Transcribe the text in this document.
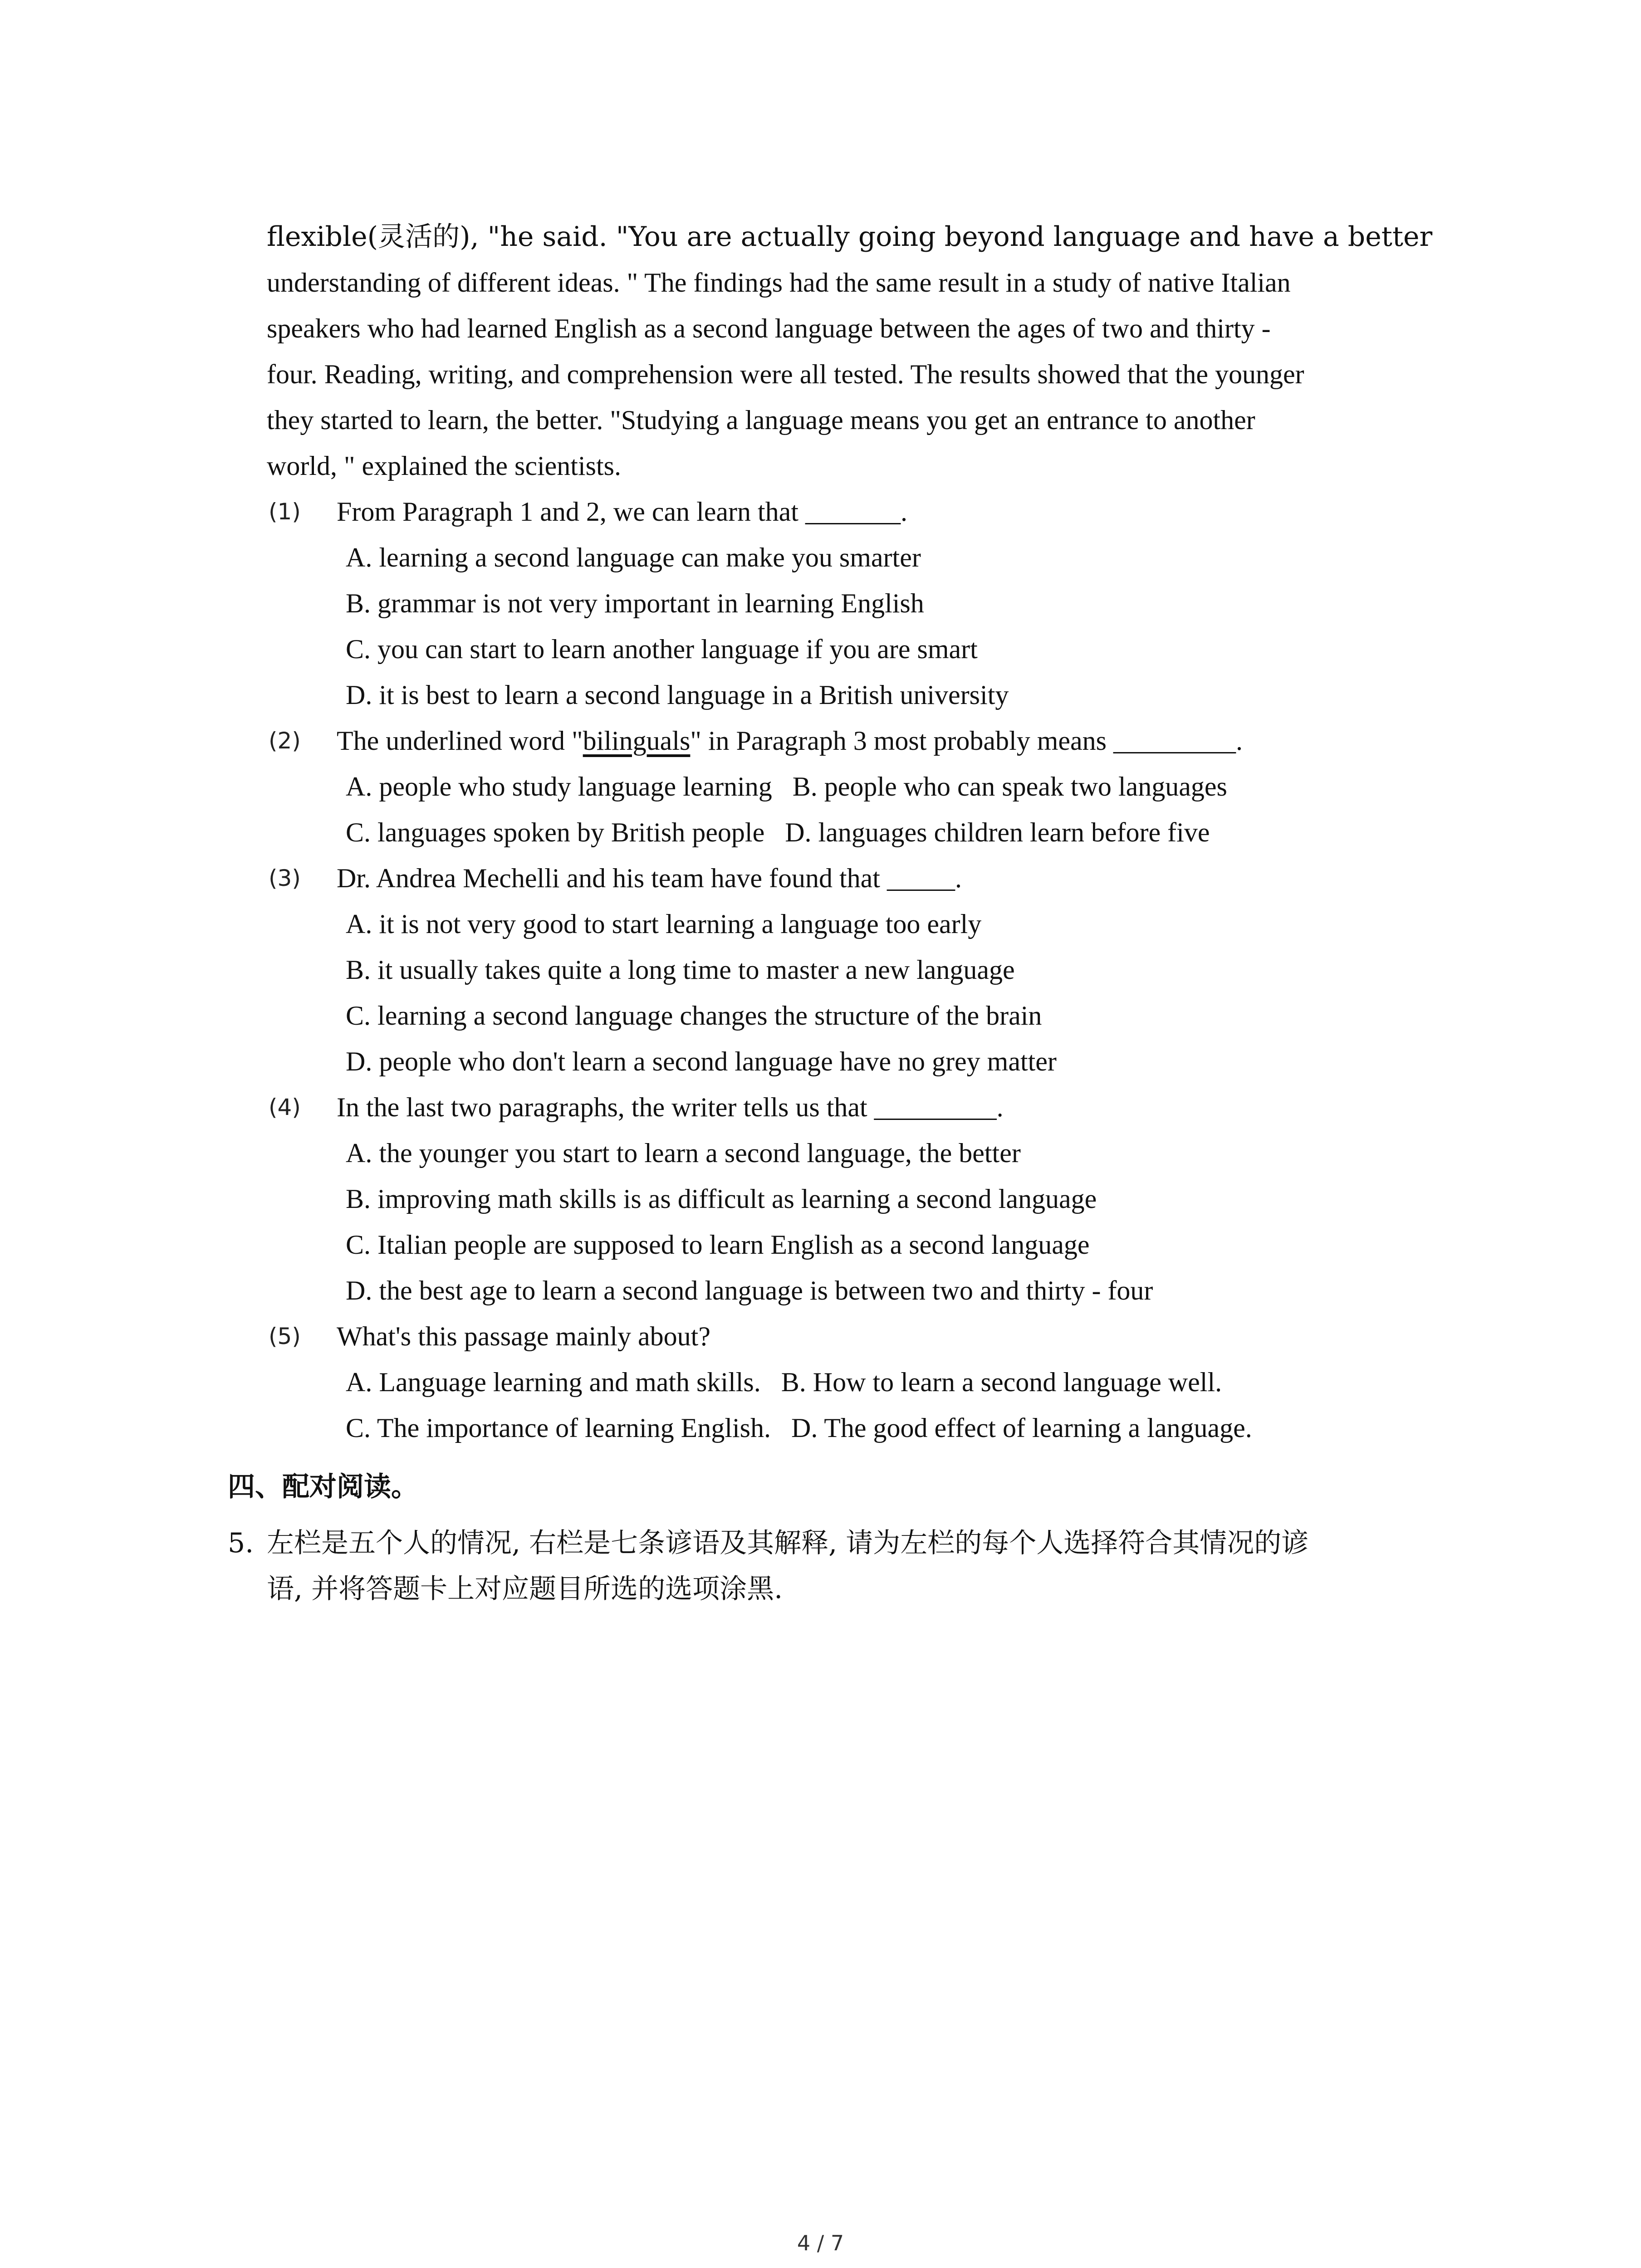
flexible(灵活的), "he said. "You are actually going beyond language and have a better
understanding of different ideas. " The findings had the same result in a study of native Italian
speakers who had learned English as a second language between the ages of two and thirty -
four. Reading, writing, and comprehension were all tested. The results showed that the younger
they started to learn, the better. "Studying a language means you get an entrance to another
world, " explained the scientists.
(1) From Paragraph 1 and 2, we can learn that _______.
A. learning a second language can make you smarter
B. grammar is not very important in learning English
C. you can start to learn another language if you are smart
D. it is best to learn a second language in a British university
(2) The underlined word "bilinguals" in Paragraph 3 most probably means _________.
A. people who study language learning   B. people who can speak two languages
C. languages spoken by British people   D. languages children learn before five
(3) Dr. Andrea Mechelli and his team have found that _____.
A. it is not very good to start learning a language too early
B. it usually takes quite a long time to master a new language
C. learning a second language changes the structure of the brain
D. people who don't learn a second language have no grey matter
(4) In the last two paragraphs, the writer tells us that _________.
A. the younger you start to learn a second language, the better
B. improving math skills is as difficult as learning a second language
C. Italian people are supposed to learn English as a second language
D. the best age to learn a second language is between two and thirty - four
(5) What's this passage mainly about?
A. Language learning and math skills.   B. How to learn a second language well.
C. The importance of learning English.   D. The good effect of learning a language.
四、配对阅读。
5. 左栏是五个人的情况, 右栏是七条谚语及其解释, 请为左栏的每个人选择符合其情况的谚
语, 并将答题卡上对应题目所选的选项涂黑.
4 / 7
